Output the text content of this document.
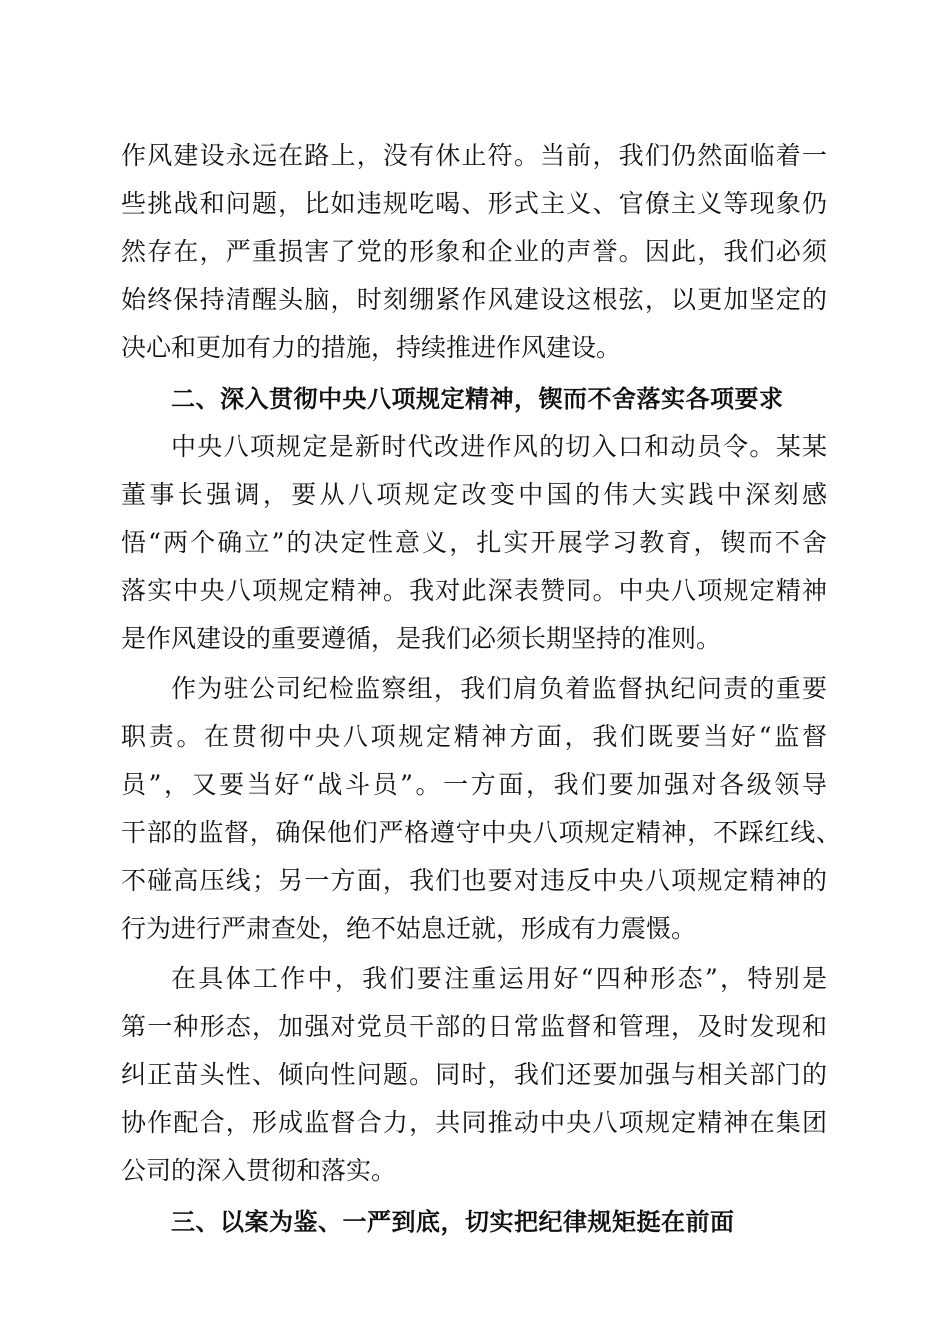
作风建设永远在路上，没有休止符。当前，我们仍然面临着一
些挑战和问题，比如违规吃喝、形式主义、官僚主义等现象仍
然存在，严重损害了党的形象和企业的声誉。因此，我们必须
始终保持清醒头脑，时刻绷紧作风建设这根弦，以更加坚定的
决心和更加有力的措施，持续推进作风建设。
二、深入贯彻中央八项规定精神，锲而不舍落实各项要求
中央八项规定是新时代改进作风的切入口和动员令。某某
董事长强调，要从八项规定改变中国的伟大实践中深刻感
悟“两个确立”的决定性意义，扎实开展学习教育，锲而不舍
落实中央八项规定精神。我对此深表赞同。中央八项规定精神
是作风建设的重要遵循，是我们必须长期坚持的准则。
作为驻公司纪检监察组，我们肩负着监督执纪问责的重要
职责。在贯彻中央八项规定精神方面，我们既要当好“监督
员”，又要当好“战斗员”。一方面，我们要加强对各级领导
干部的监督，确保他们严格遵守中央八项规定精神，不踩红线、
不碰高压线；另一方面，我们也要对违反中央八项规定精神的
行为进行严肃查处，绝不姑息迁就，形成有力震慑。
在具体工作中，我们要注重运用好“四种形态”，特别是
第一种形态，加强对党员干部的日常监督和管理，及时发现和
纠正苗头性、倾向性问题。同时，我们还要加强与相关部门的
协作配合，形成监督合力，共同推动中央八项规定精神在集团
公司的深入贯彻和落实。
三、以案为鉴、一严到底，切实把纪律规矩挺在前面
